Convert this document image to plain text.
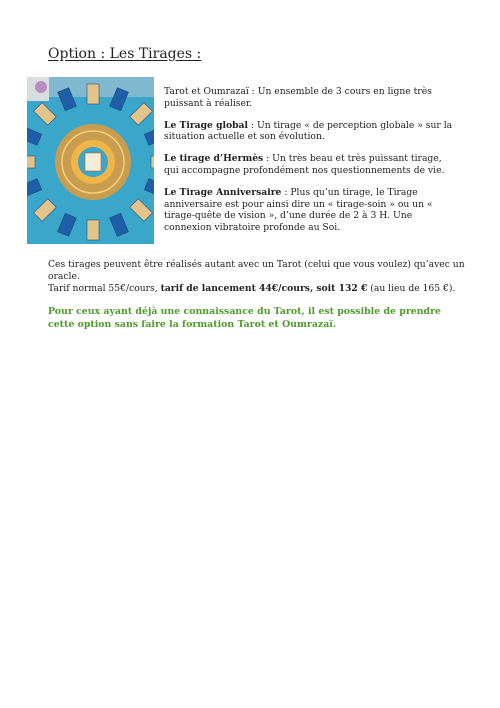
Option : Les Tirages :

Tarot et Oumrazaï : Un ensemble de 3 cours en ligne très puissant à réaliser.

Le Tirage global : Un tirage « de perception globale » sur la situation actuelle et son évolution.

Le tirage d’Hermès : Un très beau et très puissant tirage, qui accompagne profondément nos questionnements de vie.

Le Tirage Anniversaire : Plus qu’un tirage, le Tirage anniversaire est pour ainsi dire un « tirage-soin » ou un « tirage-quête de vision », d’une durée de 2 à 3 H. Une connexion vibratoire profonde au Soi.

Ces tirages peuvent être réalisés autant avec un Tarot (celui que vous voulez) qu’avec un oracle.

Tarif normal 55€/cours, tarif de lancement 44€/cours, soit 132 € (au lieu de 165 €).

Pour ceux ayant déjà une connaissance du Tarot, il est possible de prendre cette option sans faire la formation Tarot et Oumrazaï.
